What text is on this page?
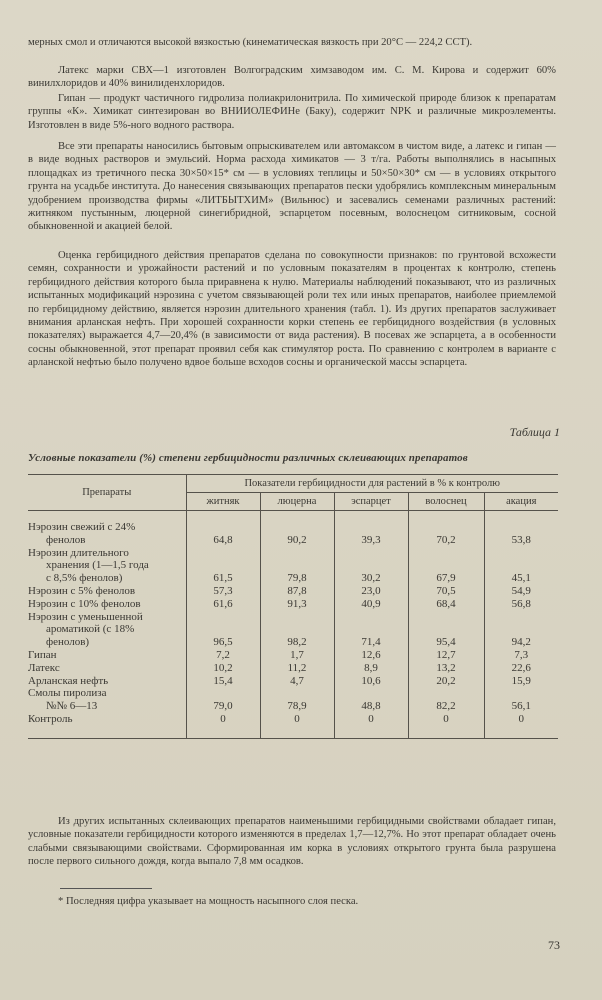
мерных смол и отличаются высокой вязкостью (кинематическая вязкость при 20°С — 224,2 ССТ).

Латекс марки СВХ—1 изготовлен Волгоградским химзаводом им. С. М. Кирова и содержит 60% винилхлоридов и 40% винилиденхлоридов.

Гипан — продукт частичного гидролиза полиакрилонитрила. По химической природе близок к препаратам группы «К». Химикат синтезирован во ВНИИОЛЕФИНе (Баку), содержит NPK и различные микроэлементы. Изготовлен в виде 5%-ного водного раствора.

Все эти препараты наносились бытовым опрыскивателем или автомаксом в чистом виде, а латекс и гипан — в виде водных растворов и эмульсий. Норма расхода химикатов — 3 т/га. Работы выполнялись в насыпных площадках из третичного песка 30×50×15* см — в условиях теплицы и 50×50×30* см — в условиях открытого грунта на усадьбе института. До нанесения связывающих препаратов пески удобрялись комплексным минеральным удобрением производства фирмы «ЛИТБЫТХИМ» (Вильнюс) и засевались семенами различных растений: житняком пустынным, люцерной синегибридной, эспарцетом посевным, волоснецом ситниковым, сосной обыкновенной и акацией белой.

Оценка гербицидного действия препаратов сделана по совокупности признаков: по грунтовой всхожести семян, сохранности и урожайности растений и по условным показателям в процентах к контролю, степень гербицидного действия которого была приравнена к нулю. Материалы наблюдений показывают, что из различных испытанных модификаций нэрозина с учетом связывающей роли тех или иных препаратов, наиболее приемлемой по гербицидному действию, является нэрозин длительного хранения (табл. 1). Из других препаратов заслуживает внимания арланская нефть. При хорошей сохранности корки степень ее гербицидного воздействия (в условных показателях) выражается 4,7—20,4% (в зависимости от вида растения). В посевах же эспарцета, а в особенности сосны обыкновенной, этот препарат проявил себя как стимулятор роста. По сравнению с контролем в варианте с арланской нефтью было получено вдвое больше всходов сосны и органической массы эспарцета.

Таблица 1
Условные показатели (%) степени гербицидности различных склеивающих препаратов
Препараты	Показатели гербицидности для растений в % к контролю				
	житняк	люцерна	эспарцет	волоснец	акация

Нэрозин свежий с 24%
фенолов	64,8	90,2	39,3	70,2	53,8

Нэрозин длительного
хранения (1—1,5 года
с 8,5% фенолов)	61,5	79,8	30,2	67,9	45,1

Нэрозин с 5% фенолов	57,3	87,8	23,0	70,5	54,9

Нэрозин с 10% фенолов	61,6	91,3	40,9	68,4	56,8

Нэрозин с уменьшенной
ароматикой (с 18%
фенолов)	96,5	98,2	71,4	95,4	94,2

Гипан	7,2	1,7	12,6	12,7	7,3

Латекс	10,2	11,2	8,9	13,2	22,6

Арланская нефть	15,4	4,7	10,6	20,2	15,9

Смолы пиролиза
№№ 6—13	79,0	78,9	48,8	82,2	56,1

Контроль	0	0	0	0	0

Из других испытанных склеивающих препаратов наименьшими гербицидными свойствами обладает гипан, условные показатели гербицидности которого изменяются в пределах 1,7—12,7%. Но этот препарат обладает очень слабыми связывающими свойствами. Сформированная им корка в условиях открытого грунта была разрушена после первого сильного дождя, когда выпало 7,8 мм осадков.

* Последняя цифра указывает на мощность насыпного слоя песка.
73
